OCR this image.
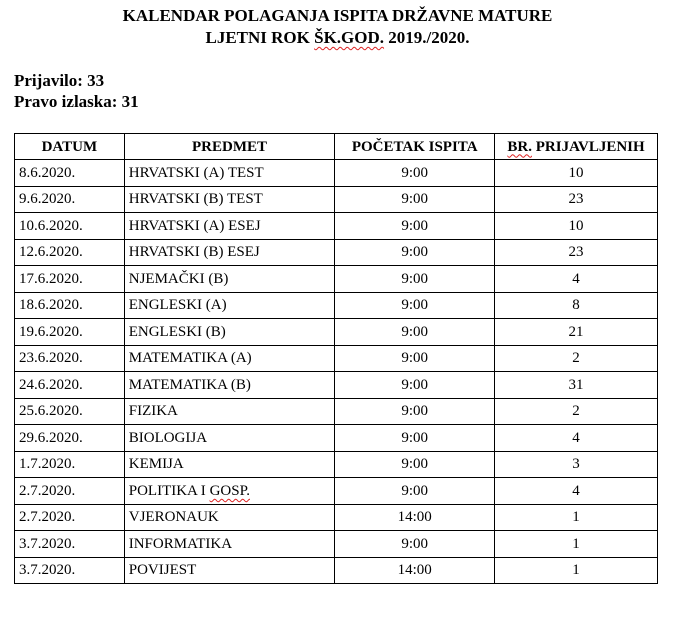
KALENDAR POLAGANJA ISPITA DRŽAVNE MATURE
LJETNI ROK ŠK.GOD. 2019./2020.
Prijavilo: 33
Pravo izlaska: 31
DATUM	PREDMET	POČETAK ISPITA	BR. PRIJAVLJENIH
8.6.2020.	HRVATSKI (A) TEST	9:00	10
9.6.2020.	HRVATSKI (B) TEST	9:00	23
10.6.2020.	HRVATSKI (A) ESEJ	9:00	10
12.6.2020.	HRVATSKI (B) ESEJ	9:00	23
17.6.2020.	NJEMAČKI (B)	9:00	4
18.6.2020.	ENGLESKI (A)	9:00	8
19.6.2020.	ENGLESKI (B)	9:00	21
23.6.2020.	MATEMATIKA (A)	9:00	2
24.6.2020.	MATEMATIKA (B)	9:00	31
25.6.2020.	FIZIKA	9:00	2
29.6.2020.	BIOLOGIJA	9:00	4
1.7.2020.	KEMIJA	9:00	3
2.7.2020.	POLITIKA I GOSP.	9:00	4
2.7.2020.	VJERONAUK	14:00	1
3.7.2020.	INFORMATIKA	9:00	1
3.7.2020.	POVIJEST	14:00	1
